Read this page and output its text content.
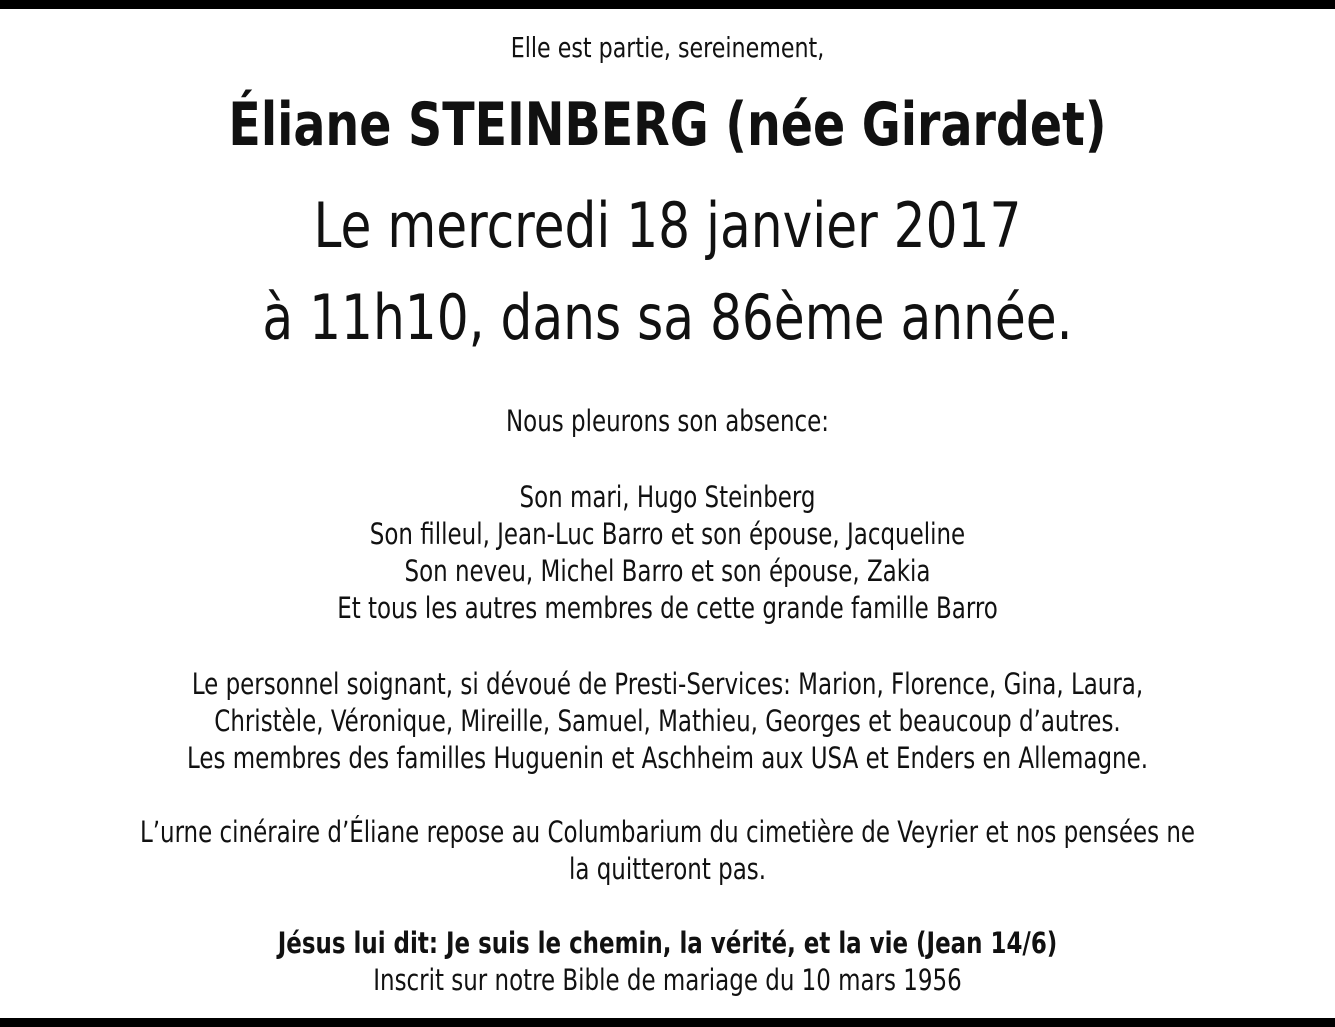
Elle est partie, sereinement,
Éliane STEINBERG (née Girardet)
Le mercredi 18 janvier 2017
à 11h10, dans sa 86ème année.
Nous pleurons son absence:
Son mari, Hugo Steinberg
Son filleul, Jean-Luc Barro et son épouse, Jacqueline
Son neveu, Michel Barro et son épouse, Zakia
Et tous les autres membres de cette grande famille Barro
Le personnel soignant, si dévoué de Presti-Services: Marion, Florence, Gina, Laura,
Christèle, Véronique, Mireille, Samuel, Mathieu, Georges et beaucoup d’autres.
Les membres des familles Huguenin et Aschheim aux USA et Enders en Allemagne.
L’urne cinéraire d’Éliane repose au Columbarium du cimetière de Veyrier et nos pensées ne
la quitteront pas.
Jésus lui dit: Je suis le chemin, la vérité, et la vie (Jean 14/6)
Inscrit sur notre Bible de mariage du 10 mars 1956
